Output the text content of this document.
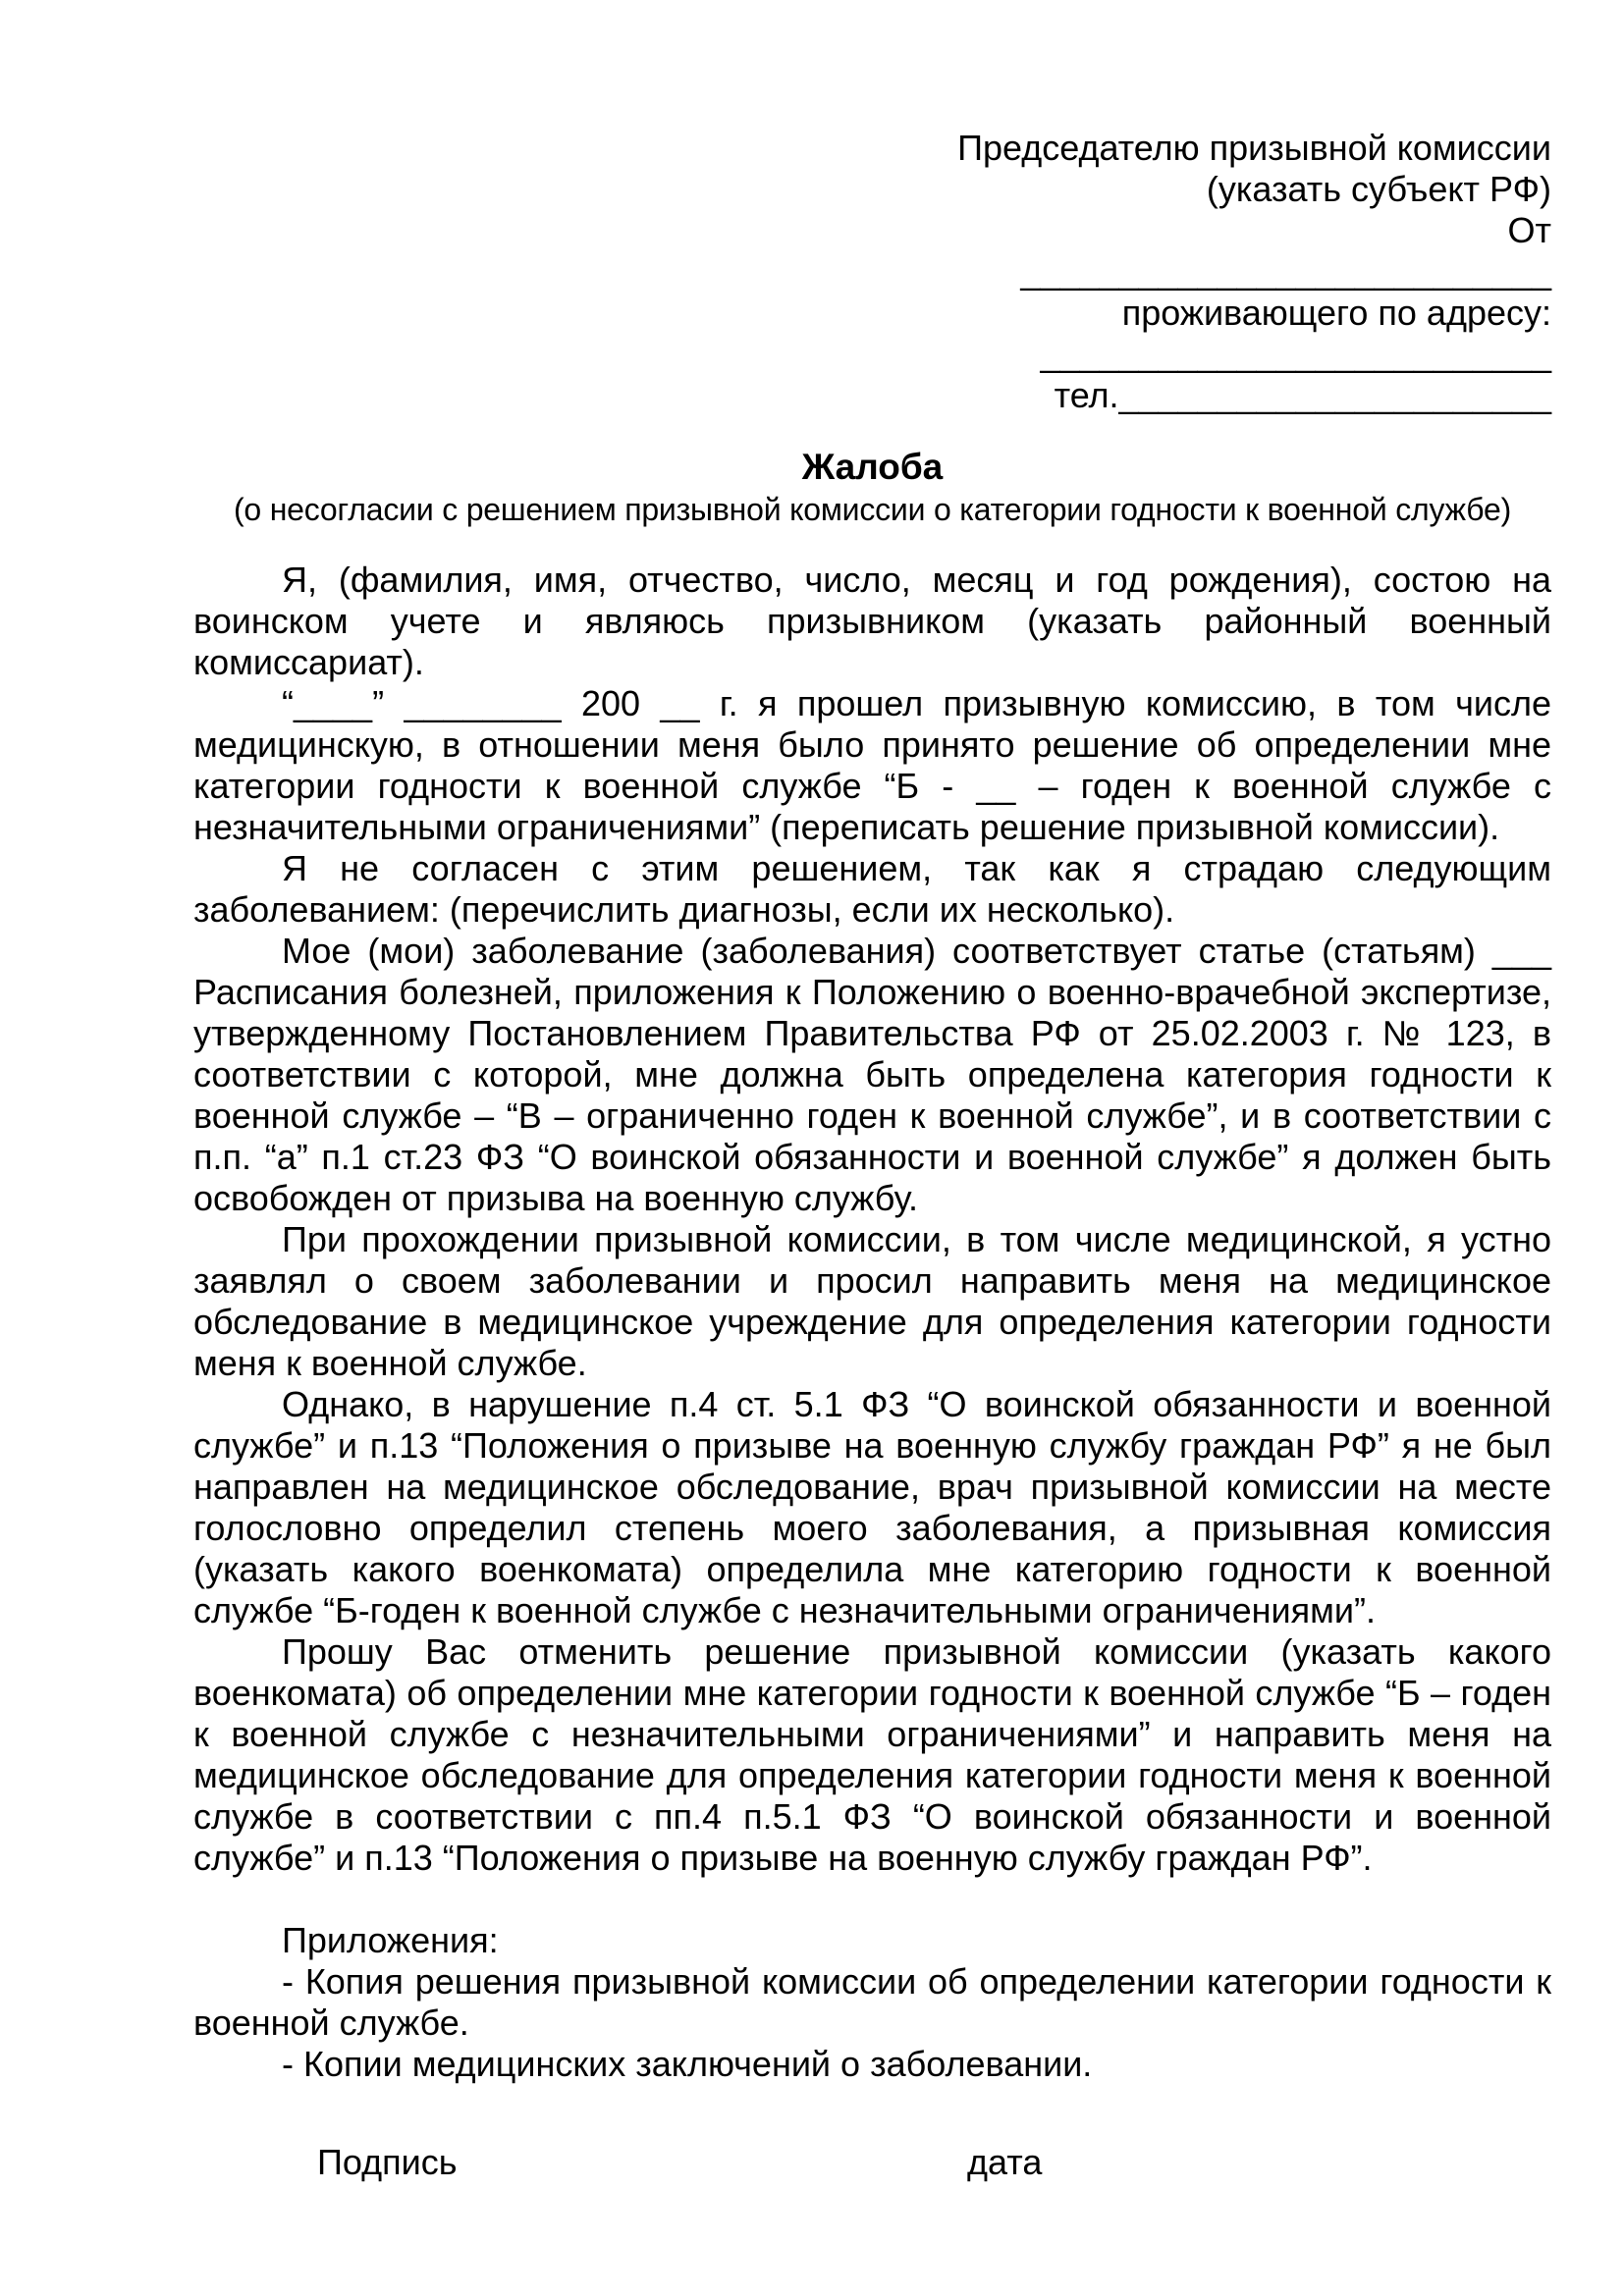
Председателю призывной комиссии
(указать субъект РФ)
От
___________________________
проживающего по адресу:
__________________________
тел.______________________
Жалоба
(о несогласии с решением призывной комиссии о категории годности к военной службе)

Я, (фамилия, имя, отчество, число, месяц и год рождения), состою на воинском учете и являюсь призывником (указать районный военный комиссариат).

“____” ________ 200 __ г. я прошел призывную комиссию, в том числе медицинскую, в отношении меня было принято решение об определении мне категории годности к военной службе “Б - __ – годен к военной службе с незначительными ограничениями” (переписать решение призывной комиссии).

Я не согласен с этим решением, так как я страдаю следующим заболеванием: (перечислить диагнозы, если их несколько).

Мое (мои) заболевание (заболевания) соответствует статье (статьям) ___ Расписания болезней, приложения к Положению о военно-врачебной экспертизе, утвержденному Постановлением Правительства РФ от 25.02.2003 г. № 123, в соответствии с которой, мне должна быть определена категория годности к военной службе – “В – ограниченно годен к военной службе”, и в соответствии с п.п. “а” п.1 ст.23 ФЗ “О воинской обязанности и военной службе” я должен быть освобожден от призыва на военную службу.

При прохождении призывной комиссии, в том числе медицинской, я устно заявлял о своем заболевании и просил направить меня на медицинское обследование в медицинское учреждение для определения категории годности меня к военной службе.

Однако, в нарушение п.4 ст. 5.1 ФЗ “О воинской обязанности и военной службе” и п.13 “Положения о призыве на военную службу граждан РФ” я не был направлен на медицинское обследование, врач призывной комиссии на месте голословно определил степень моего заболевания, а призывная комиссия (указать какого военкомата) определила мне категорию годности к военной службе “Б-годен к военной службе с незначительными ограничениями”.

Прошу Вас отменить решение призывной комиссии (указать какого военкомата) об определении мне категории годности к военной службе “Б – годен к военной службе с незначительными ограничениями” и направить меня на медицинское обследование для определения категории годности меня к военной службе в соответствии с пп.4 п.5.1 ФЗ “О воинской обязанности и военной службе” и п.13 “Положения о призыве на военную службу граждан РФ”.

Приложения:

- Копия решения призывной комиссии об определении категории годности к военной службе.

- Копии медицинских заключений о заболевании.

Подпись	дата
